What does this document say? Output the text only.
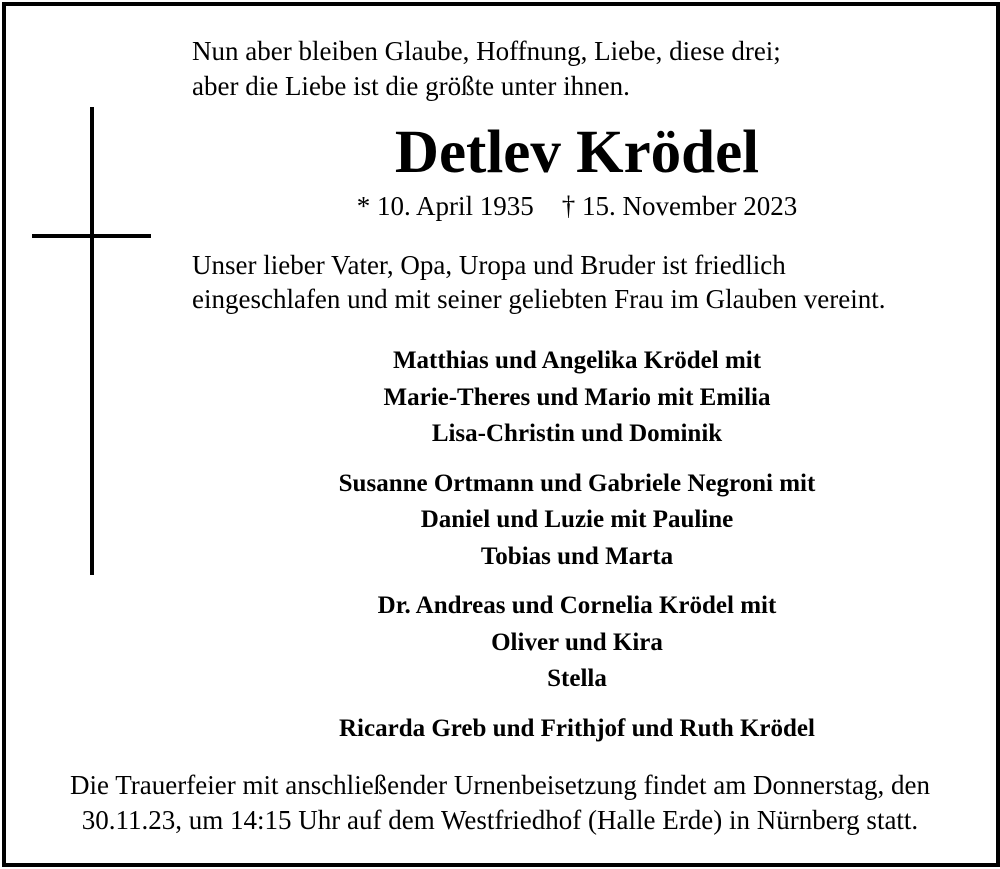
Nun aber bleiben Glaube, Hoffnung, Liebe, diese drei;
aber die Liebe ist die größte unter ihnen.
Detlev Krödel
* 10. April 1935 † 15. November 2023
Unser lieber Vater, Opa, Uropa und Bruder ist friedlich
eingeschlafen und mit seiner geliebten Frau im Glauben vereint.
Matthias und Angelika Krödel mit
Marie-Theres und Mario mit Emilia
Lisa-Christin und Dominik
Susanne Ortmann und Gabriele Negroni mit
Daniel und Luzie mit Pauline
Tobias und Marta
Dr. Andreas und Cornelia Krödel mit
Oliver und Kira
Stella
Ricarda Greb und Frithjof und Ruth Krödel
Die Trauerfeier mit anschließender Urnenbeisetzung findet am Donnerstag, den
30.11.23, um 14:15 Uhr auf dem Westfriedhof (Halle Erde) in Nürnberg statt.
